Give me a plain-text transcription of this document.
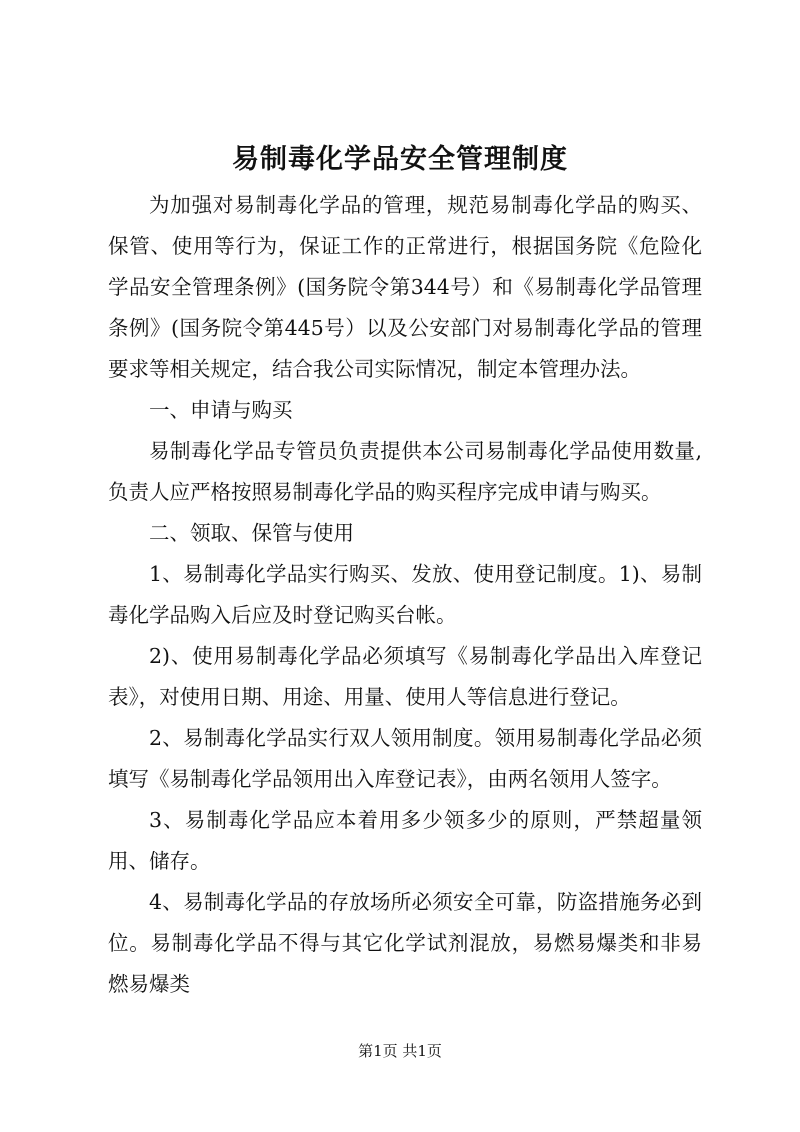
易制毒化学品安全管理制度

为加强对易制毒化学品的管理，规范易制毒化学品的购买、保管、使用等行为，保证工作的正常进行，根据国务院《危险化学品安全管理条例》(国务院令第344号）和《易制毒化学品管理条例》(国务院令第445号）以及公安部门对易制毒化学品的管理要求等相关规定，结合我公司实际情况，制定本管理办法。

一、申请与购买

易制毒化学品专管员负责提供本公司易制毒化学品使用数量,负责人应严格按照易制毒化学品的购买程序完成申请与购买。

二、领取、保管与使用

1、易制毒化学品实行购买、发放、使用登记制度。1)、易制毒化学品购入后应及时登记购买台帐。

2)、使用易制毒化学品必须填写《易制毒化学品出入库登记表》，对使用日期、用途、用量、使用人等信息进行登记。

2、易制毒化学品实行双人领用制度。领用易制毒化学品必须填写《易制毒化学品领用出入库登记表》，由两名领用人签字。

3、易制毒化学品应本着用多少领多少的原则，严禁超量领用、储存。

4、易制毒化学品的存放场所必须安全可靠，防盗措施务必到位。易制毒化学品不得与其它化学试剂混放，易燃易爆类和非易燃易爆类

第1页 共1页
